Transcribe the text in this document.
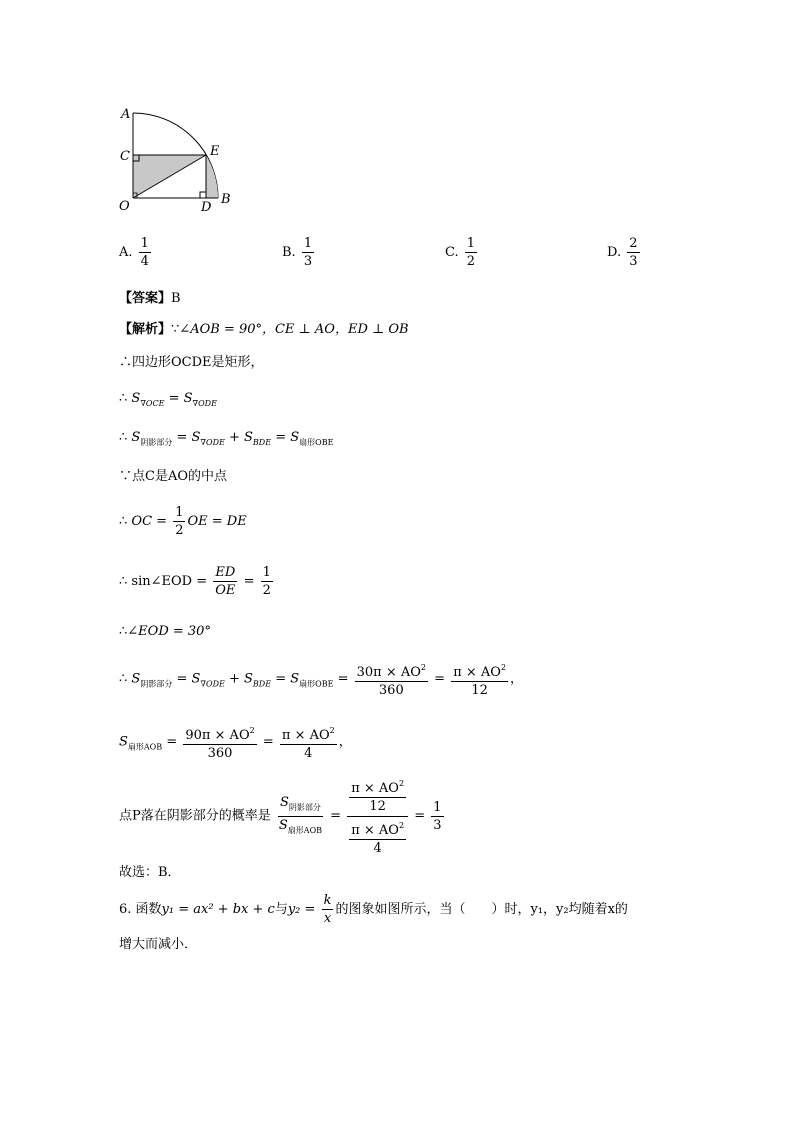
A
C	E
O	D
B
A. $\frac{1}{4}$	B. $\frac{1}{3}$	C. $\frac{1}{2}$	D. $\frac{2}{3}$
【答案】B
【解析】∵∠AOB = 90°，CE ⊥ AO，ED ⊥ OB
∴四边形OCDE是矩形，
∴ $S_{\nabla OCE} = S_{\nabla ODE}$
∴ $S_{阴影部分} = S_{\nabla ODE} + S_{BDE} = S_{扇形OBE}$
∵点C是AO的中点
∴ OC = $\frac{1}{2}$ OE = DE
∴ sin∠EOD = $\frac{ED}{OE} = \frac{1}{2}$
∴∠EOD = 30°
∴ $S_{阴影部分} = S_{\nabla ODE} + S_{BDE} = S_{扇形OBE} = \frac{30\pi \times AO^2}{360} = \frac{\pi \times AO^2}{12}$ ，
$S_{扇形AOB} = \frac{90\pi \times AO^2}{360} = \frac{\pi \times AO^2}{4}$ ，
点P落在阴影部分的概率是 $\frac{S_{阴影部分}}{S_{扇形AOB}} = \frac{\frac{\pi \times AO^2}{12}}{\frac{\pi \times AO^2}{4}} = \frac{1}{3}$
故选：B．
6. 函数y₁ = ax² + bx + c与$y_2 = \frac{k}{x}$ 的图象如图所示，当（　　）时，y₁，y₂均随着x的
增大而减小．
